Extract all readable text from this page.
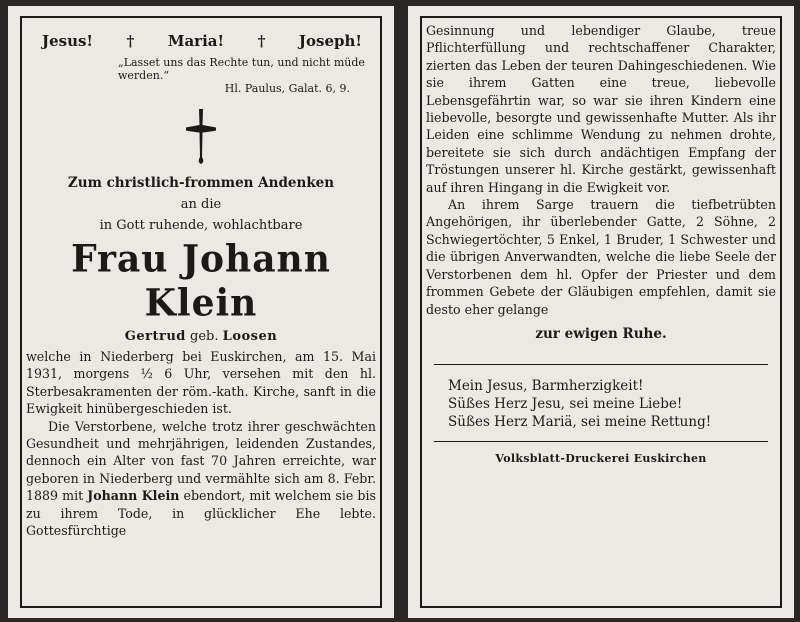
Jesus! † Maria! † Joseph!
„Lasset uns das Rechte tun, und nicht müde werden.“
Hl. Paulus, Galat. 6, 9.
Zum christlich-frommen Andenken
an die
in Gott ruhende, wohlachtbare
Frau Johann Klein
Gertrud geb. Loosen

welche in Niederberg bei Euskirchen, am 15. Mai 1931, morgens ½ 6 Uhr, versehen mit den hl. Sterbesakramenten der röm.-kath. Kirche, sanft in die Ewigkeit hinübergeschieden ist.

Die Verstorbene, welche trotz ihrer geschwächten Gesundheit und mehrjährigen, leidenden Zustandes, dennoch ein Alter von fast 70 Jahren erreichte, war geboren in Niederberg und vermählte sich am 8. Febr. 1889 mit Johann Klein ebendort, mit welchem sie bis zu ihrem Tode, in glücklicher Ehe lebte. Gottesfürchtige

Gesinnung und lebendiger Glaube, treue Pflichterfüllung und rechtschaffener Charakter, zierten das Leben der teuren Dahingeschiedenen. Wie sie ihrem Gatten eine treue, liebevolle Lebensgefährtin war, so war sie ihren Kindern eine liebevolle, besorgte und gewissenhafte Mutter. Als ihr Leiden eine schlimme Wendung zu nehmen drohte, bereitete sie sich durch andächtigen Empfang der Tröstungen unserer hl. Kirche gestärkt, gewissenhaft auf ihren Hingang in die Ewigkeit vor.

An ihrem Sarge trauern die tiefbetrübten Angehörigen, ihr überlebender Gatte, 2 Söhne, 2 Schwiegertöchter, 5 Enkel, 1 Bruder, 1 Schwester und die übrigen Anverwandten, welche die liebe Seele der Verstorbenen dem hl. Opfer der Priester und dem frommen Gebete der Gläubigen empfehlen, damit sie desto eher gelange

zur ewigen Ruhe.
Mein Jesus, Barmherzigkeit!
Süßes Herz Jesu, sei meine Liebe!
Süßes Herz Mariä, sei meine Rettung!
Volksblatt-Druckerei Euskirchen
